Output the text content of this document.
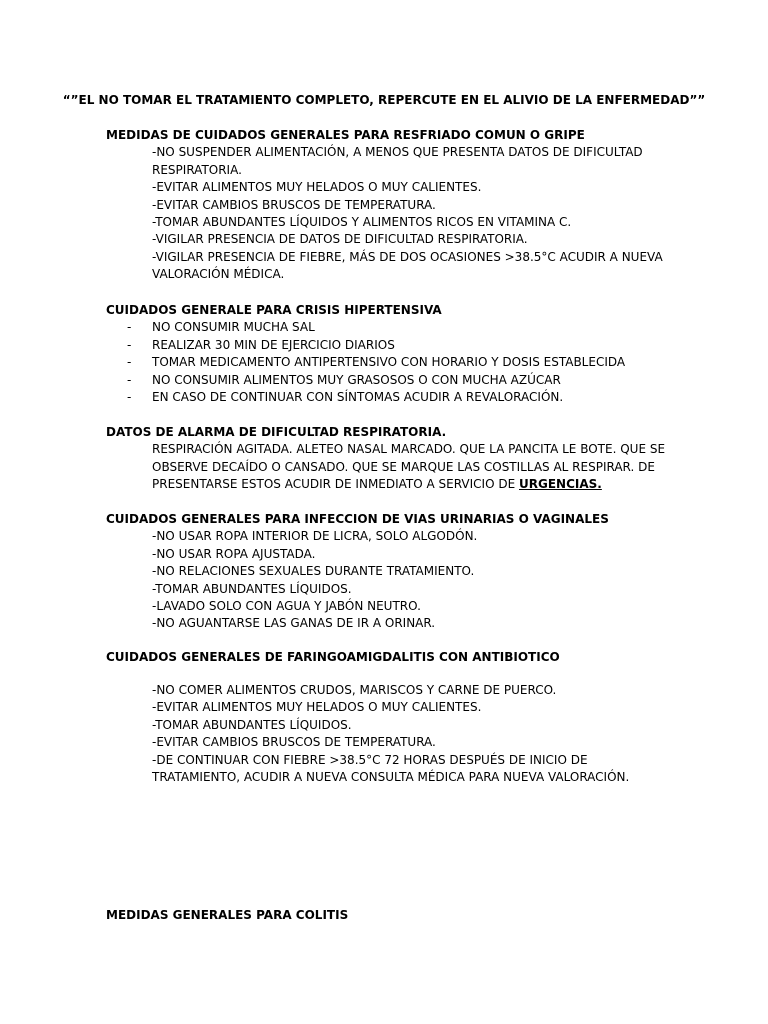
“”EL NO TOMAR EL TRATAMIENTO COMPLETO, REPERCUTE EN EL ALIVIO DE LA ENFERMEDAD””
MEDIDAS DE CUIDADOS GENERALES PARA RESFRIADO COMUN O GRIPE

-NO SUSPENDER ALIMENTACIÓN, A MENOS QUE PRESENTA DATOS DE DIFICULTAD RESPIRATORIA.

-EVITAR ALIMENTOS MUY HELADOS O MUY CALIENTES.

-EVITAR CAMBIOS BRUSCOS DE TEMPERATURA.

-TOMAR ABUNDANTES LÍQUIDOS Y ALIMENTOS RICOS EN VITAMINA C.

-VIGILAR PRESENCIA DE DATOS DE DIFICULTAD RESPIRATORIA.

-VIGILAR PRESENCIA DE FIEBRE, MÁS DE DOS OCASIONES >38.5°C ACUDIR A NUEVA VALORACIÓN MÉDICA.

CUIDADOS GENERALE PARA CRISIS HIPERTENSIVA
- NO CONSUMIR MUCHA SAL
- REALIZAR 30 MIN DE EJERCICIO DIARIOS
- TOMAR MEDICAMENTO ANTIPERTENSIVO CON HORARIO Y DOSIS ESTABLECIDA
- NO CONSUMIR ALIMENTOS MUY GRASOSOS O CON MUCHA AZÚCAR
- EN CASO DE CONTINUAR CON SÍNTOMAS ACUDIR A REVALORACIÓN.
DATOS DE ALARMA DE DIFICULTAD RESPIRATORIA.

RESPIRACIÓN AGITADA. ALETEO NASAL MARCADO. QUE LA PANCITA LE BOTE. QUE SE OBSERVE DECAÍDO O CANSADO. QUE SE MARQUE LAS COSTILLAS AL RESPIRAR. DE PRESENTARSE ESTOS ACUDIR DE INMEDIATO A SERVICIO DE URGENCIAS.

CUIDADOS GENERALES PARA INFECCION DE VIAS URINARIAS O VAGINALES

-NO USAR ROPA INTERIOR DE LICRA, SOLO ALGODÓN.

-NO USAR ROPA AJUSTADA.

-NO RELACIONES SEXUALES DURANTE TRATAMIENTO.

-TOMAR ABUNDANTES LÍQUIDOS.

-LAVADO SOLO CON AGUA Y JABÓN NEUTRO.

-NO AGUANTARSE LAS GANAS DE IR A ORINAR.

CUIDADOS GENERALES DE FARINGOAMIGDALITIS CON ANTIBIOTICO

-NO COMER ALIMENTOS CRUDOS, MARISCOS Y CARNE DE PUERCO.

-EVITAR ALIMENTOS MUY HELADOS O MUY CALIENTES.

-TOMAR ABUNDANTES LÍQUIDOS.

-EVITAR CAMBIOS BRUSCOS DE TEMPERATURA.

-DE CONTINUAR CON FIEBRE >38.5°C 72 HORAS DESPUÉS DE INICIO DE TRATAMIENTO, ACUDIR A NUEVA CONSULTA MÉDICA PARA NUEVA VALORACIÓN.

MEDIDAS GENERALES PARA COLITIS
